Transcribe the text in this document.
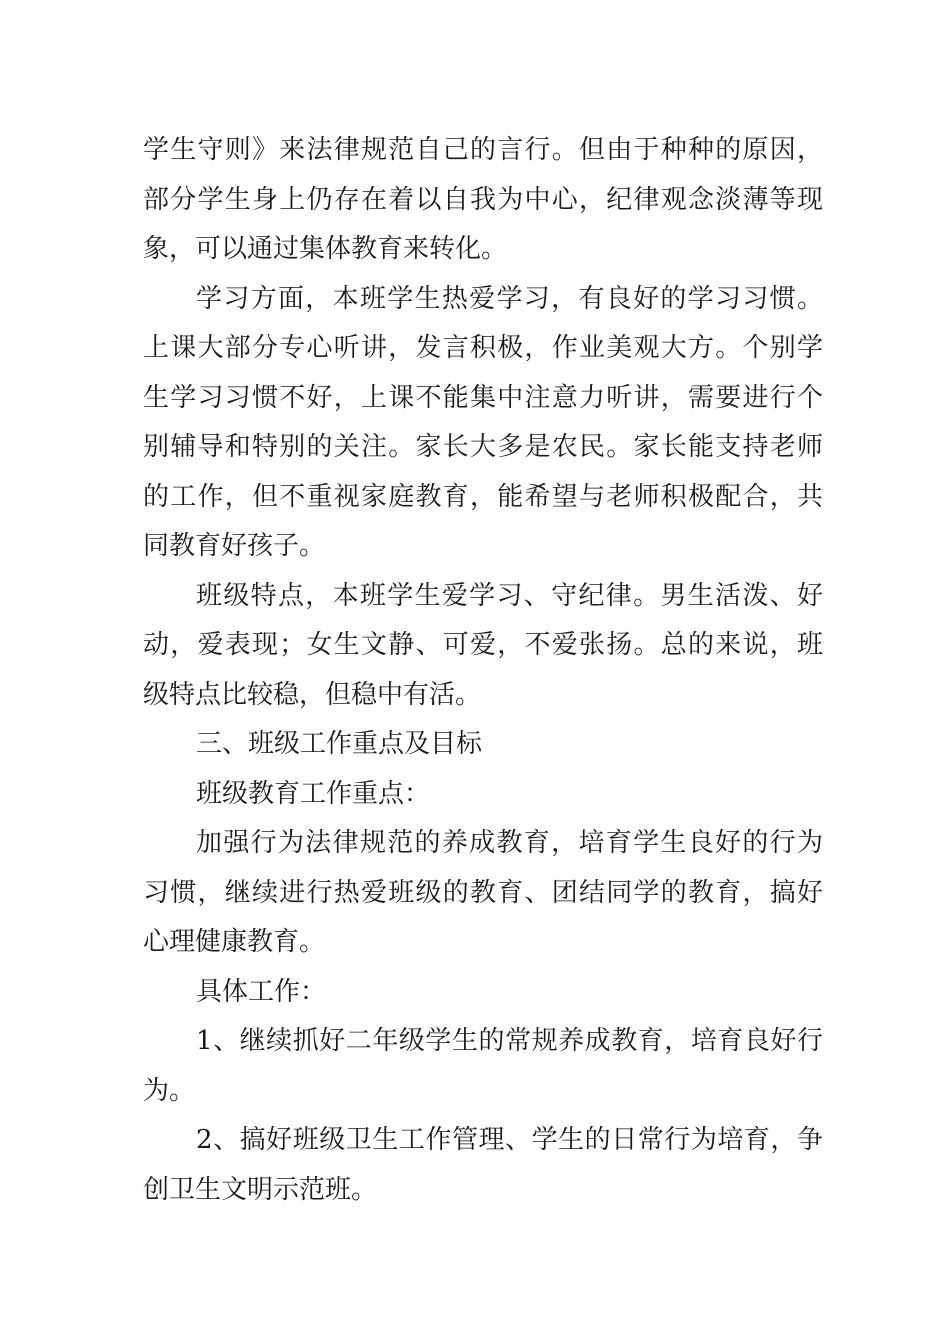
学生守则》来法律规范自己的言行。但由于种种的原因，
部分学生身上仍存在着以自我为中心，纪律观念淡薄等现
象，可以通过集体教育来转化。
学习方面，本班学生热爱学习，有良好的学习习惯。
上课大部分专心听讲，发言积极，作业美观大方。个别学
生学习习惯不好，上课不能集中注意力听讲，需要进行个
别辅导和特别的关注。家长大多是农民。家长能支持老师
的工作，但不重视家庭教育，能希望与老师积极配合，共
同教育好孩子。
班级特点，本班学生爱学习、守纪律。男生活泼、好
动，爱表现；女生文静、可爱，不爱张扬。总的来说，班
级特点比较稳，但稳中有活。
三、班级工作重点及目标
班级教育工作重点：
加强行为法律规范的养成教育，培育学生良好的行为
习惯，继续进行热爱班级的教育、团结同学的教育，搞好
心理健康教育。
具体工作：
1、继续抓好二年级学生的常规养成教育，培育良好行
为。
2、搞好班级卫生工作管理、学生的日常行为培育，争
创卫生文明示范班。
